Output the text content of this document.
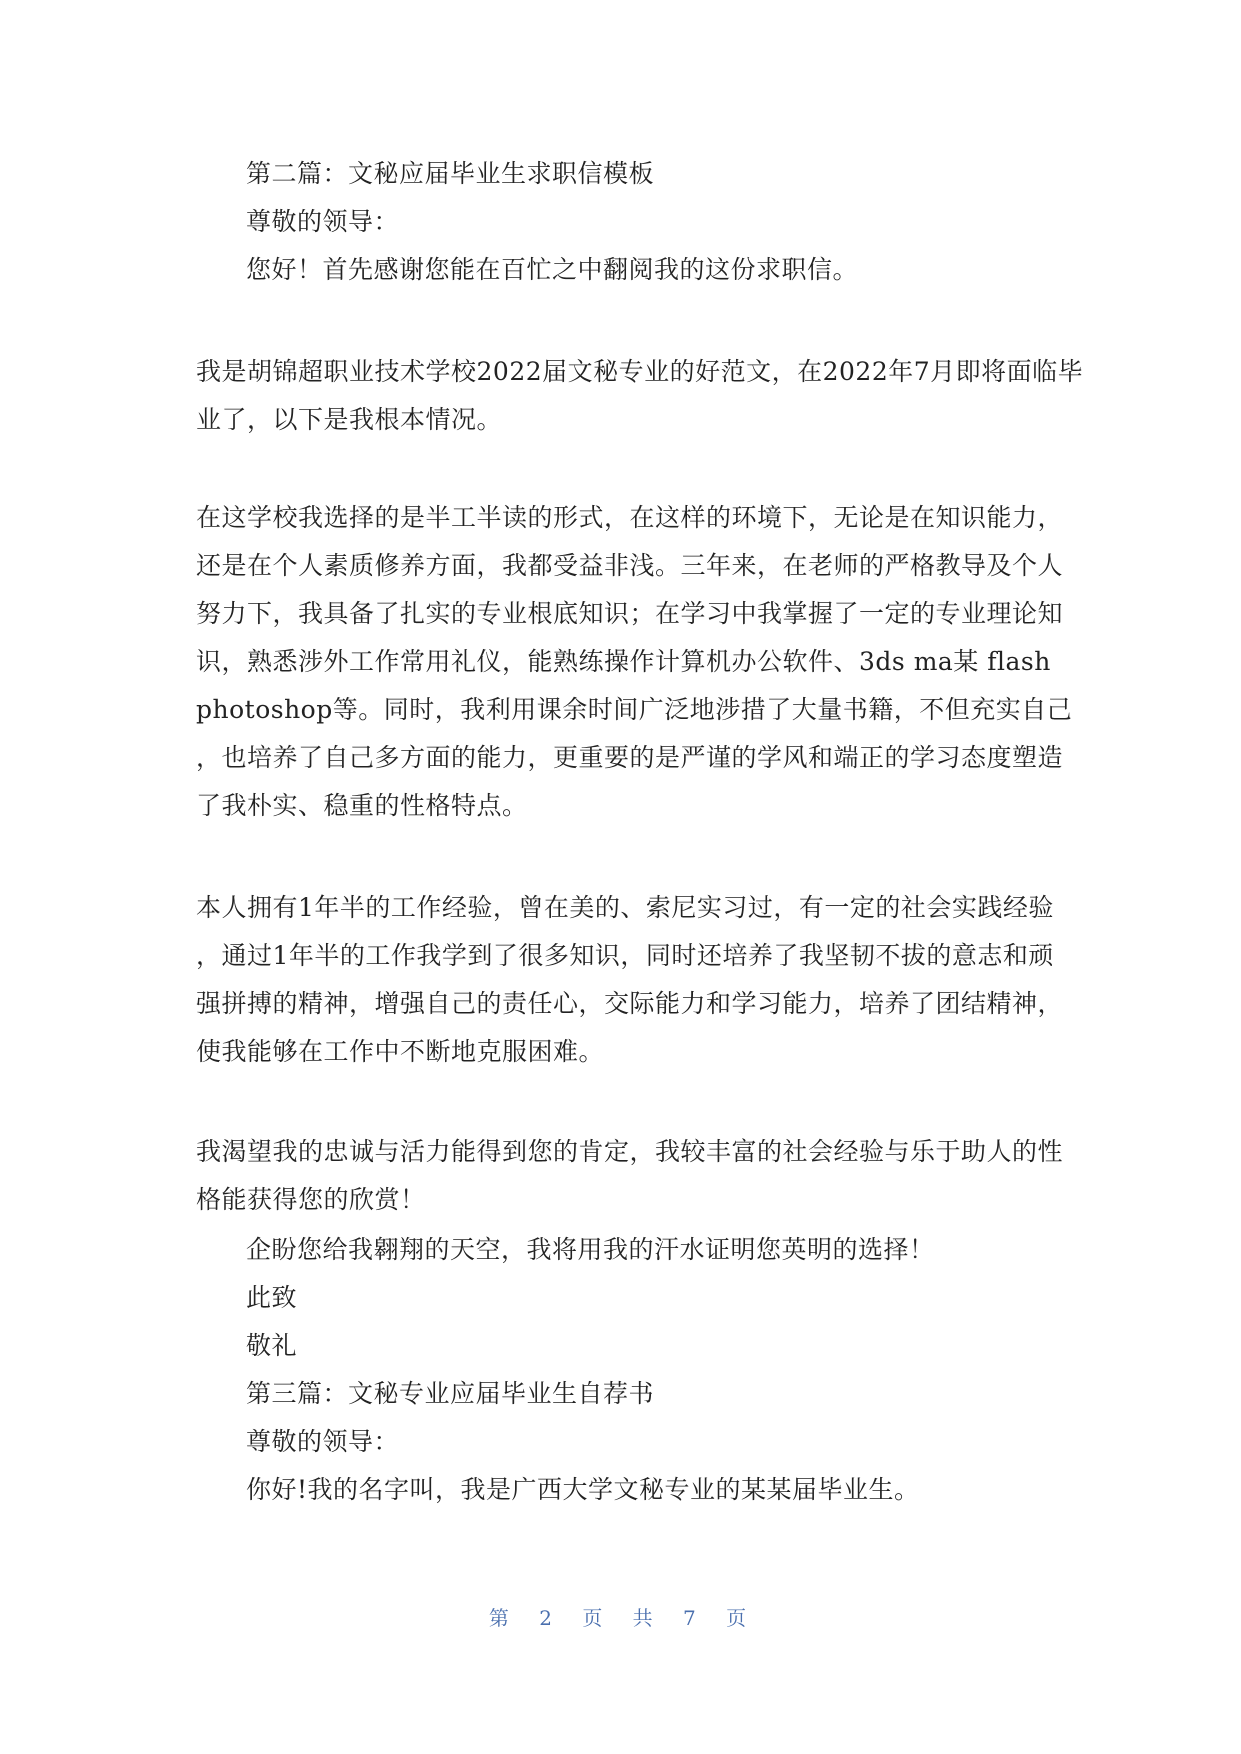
第二篇：文秘应届毕业生求职信模板
尊敬的领导：
您好！首先感谢您能在百忙之中翻阅我的这份求职信。
我是胡锦超职业技术学校2022届文秘专业的好范文，在2022年7月即将面临毕
业了，以下是我根本情况。
在这学校我选择的是半工半读的形式，在这样的环境下，无论是在知识能力，
还是在个人素质修养方面，我都受益非浅。三年来，在老师的严格教导及个人
努力下，我具备了扎实的专业根底知识；在学习中我掌握了一定的专业理论知
识，熟悉涉外工作常用礼仪，能熟练操作计算机办公软件、3ds ma某 flash
photoshop等。同时，我利用课余时间广泛地涉措了大量书籍，不但充实自己
，也培养了自己多方面的能力，更重要的是严谨的学风和端正的学习态度塑造
了我朴实、稳重的性格特点。
本人拥有1年半的工作经验，曾在美的、索尼实习过，有一定的社会实践经验
，通过1年半的工作我学到了很多知识，同时还培养了我坚韧不拔的意志和顽
强拼搏的精神，增强自己的责任心，交际能力和学习能力，培养了团结精神，
使我能够在工作中不断地克服困难。
我渴望我的忠诚与活力能得到您的肯定，我较丰富的社会经验与乐于助人的性
格能获得您的欣赏！
企盼您给我翱翔的天空，我将用我的汗水证明您英明的选择！
此致
敬礼
第三篇：文秘专业应届毕业生自荐书
尊敬的领导：
你好!我的名字叫，我是广西大学文秘专业的某某届毕业生。
第 2 页 共 7 页
